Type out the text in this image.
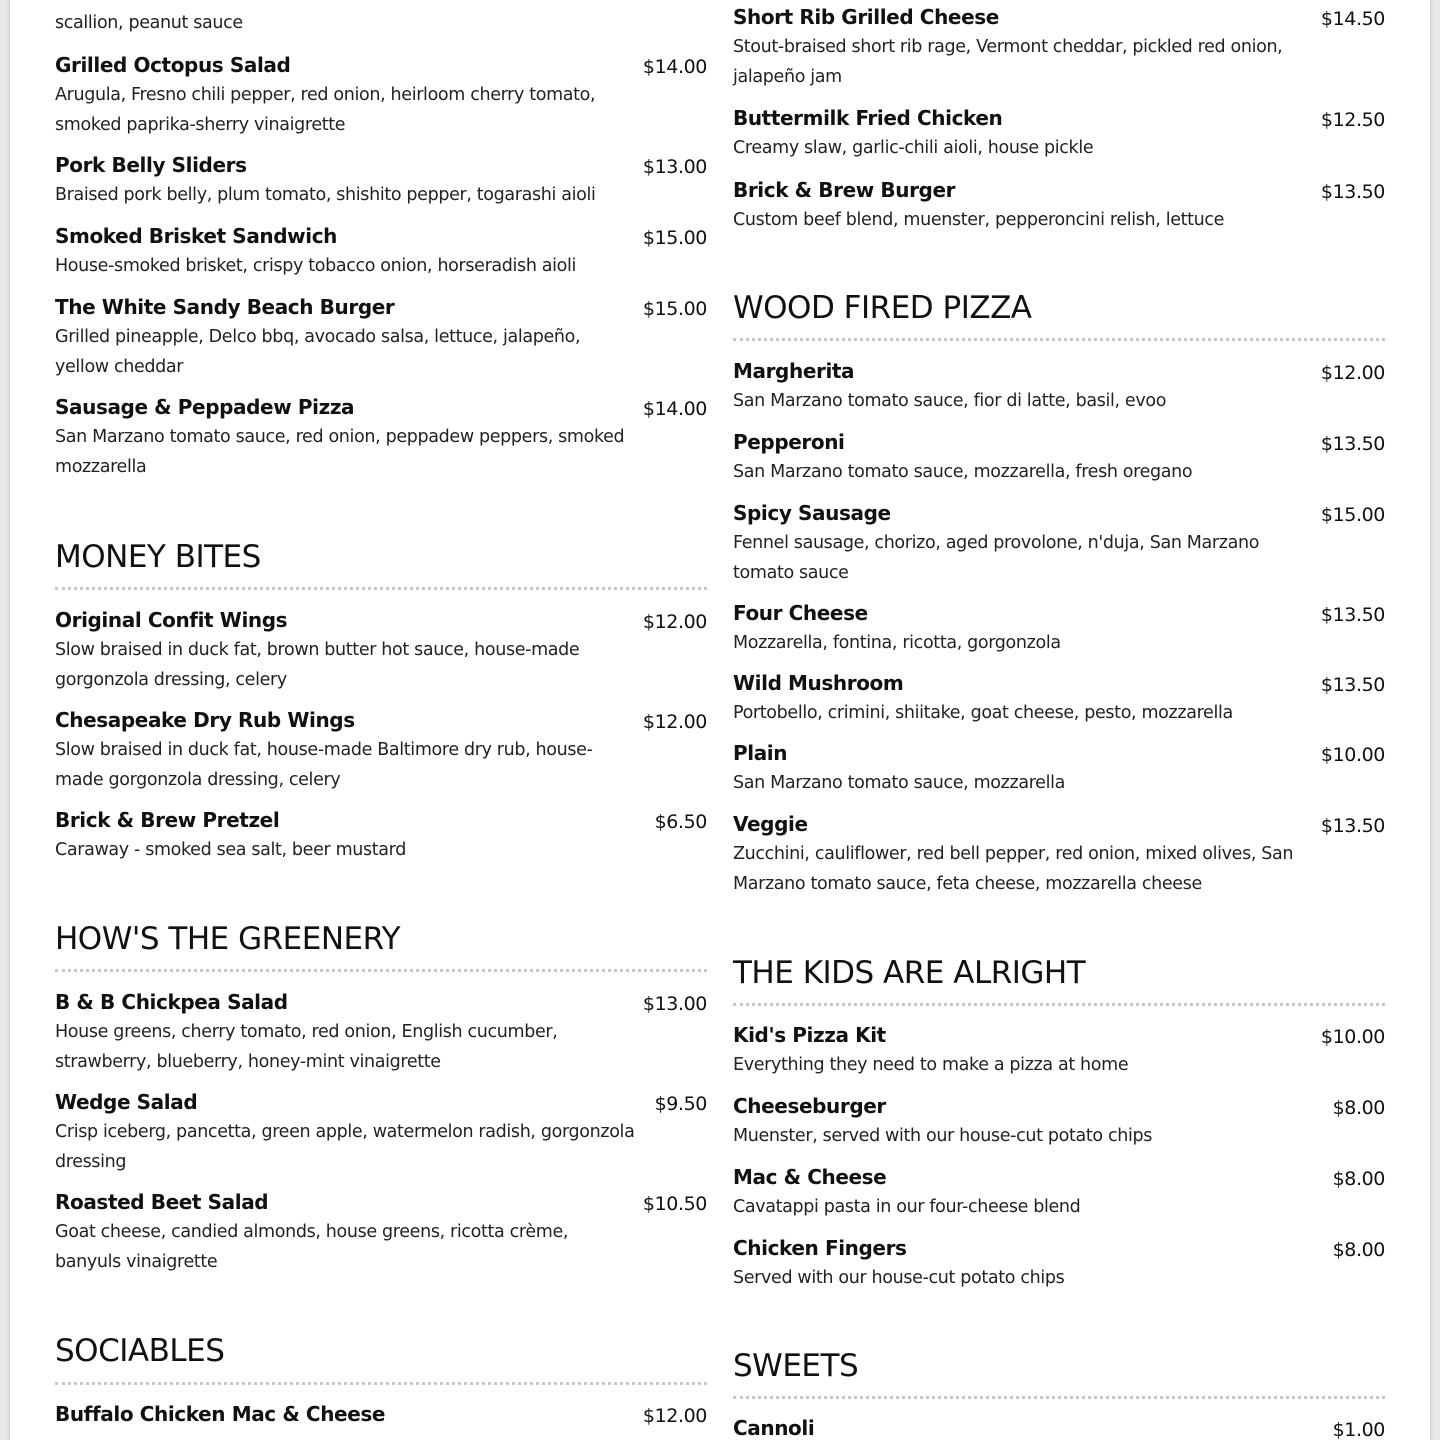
scallion, peanut sauce
Grilled Octopus Salad	$14.00
Arugula, Fresno chili pepper, red onion, heirloom cherry tomato, smoked paprika-sherry vinaigrette
Pork Belly Sliders	$13.00
Braised pork belly, plum tomato, shishito pepper, togarashi aioli
Smoked Brisket Sandwich	$15.00
House-smoked brisket, crispy tobacco onion, horseradish aioli
The White Sandy Beach Burger	$15.00
Grilled pineapple, Delco bbq, avocado salsa, lettuce, jalapeño, yellow cheddar
Sausage & Peppadew Pizza	$14.00
San Marzano tomato sauce, red onion, peppadew peppers, smoked mozzarella
MONEY BITES
Original Confit Wings	$12.00
Slow braised in duck fat, brown butter hot sauce, house-made gorgonzola dressing, celery
Chesapeake Dry Rub Wings	$12.00
Slow braised in duck fat, house-made Baltimore dry rub, house-made gorgonzola dressing, celery
Brick & Brew Pretzel	$6.50
Caraway - smoked sea salt, beer mustard
HOW'S THE GREENERY
B & B Chickpea Salad	$13.00
House greens, cherry tomato, red onion, English cucumber, strawberry, blueberry, honey-mint vinaigrette
Wedge Salad	$9.50
Crisp iceberg, pancetta, green apple, watermelon radish, gorgonzola dressing
Roasted Beet Salad	$10.50
Goat cheese, candied almonds, house greens, ricotta crème, banyuls vinaigrette
SOCIABLES
Buffalo Chicken Mac & Cheese	$12.00
Short Rib Grilled Cheese	$14.50
Stout-braised short rib rage, Vermont cheddar, pickled red onion, jalapeño jam
Buttermilk Fried Chicken	$12.50
Creamy slaw, garlic-chili aioli, house pickle
Brick & Brew Burger	$13.50
Custom beef blend, muenster, pepperoncini relish, lettuce
WOOD FIRED PIZZA
Margherita	$12.00
San Marzano tomato sauce, fior di latte, basil, evoo
Pepperoni	$13.50
San Marzano tomato sauce, mozzarella, fresh oregano
Spicy Sausage	$15.00
Fennel sausage, chorizo, aged provolone, n'duja, San Marzano tomato sauce
Four Cheese	$13.50
Mozzarella, fontina, ricotta, gorgonzola
Wild Mushroom	$13.50
Portobello, crimini, shiitake, goat cheese, pesto, mozzarella
Plain	$10.00
San Marzano tomato sauce, mozzarella
Veggie	$13.50
Zucchini, cauliflower, red bell pepper, red onion, mixed olives, San Marzano tomato sauce, feta cheese, mozzarella cheese
THE KIDS ARE ALRIGHT
Kid's Pizza Kit	$10.00
Everything they need to make a pizza at home
Cheeseburger	$8.00
Muenster, served with our house-cut potato chips
Mac & Cheese	$8.00
Cavatappi pasta in our four-cheese blend
Chicken Fingers	$8.00
Served with our house-cut potato chips
SWEETS
Cannoli	$1.00
